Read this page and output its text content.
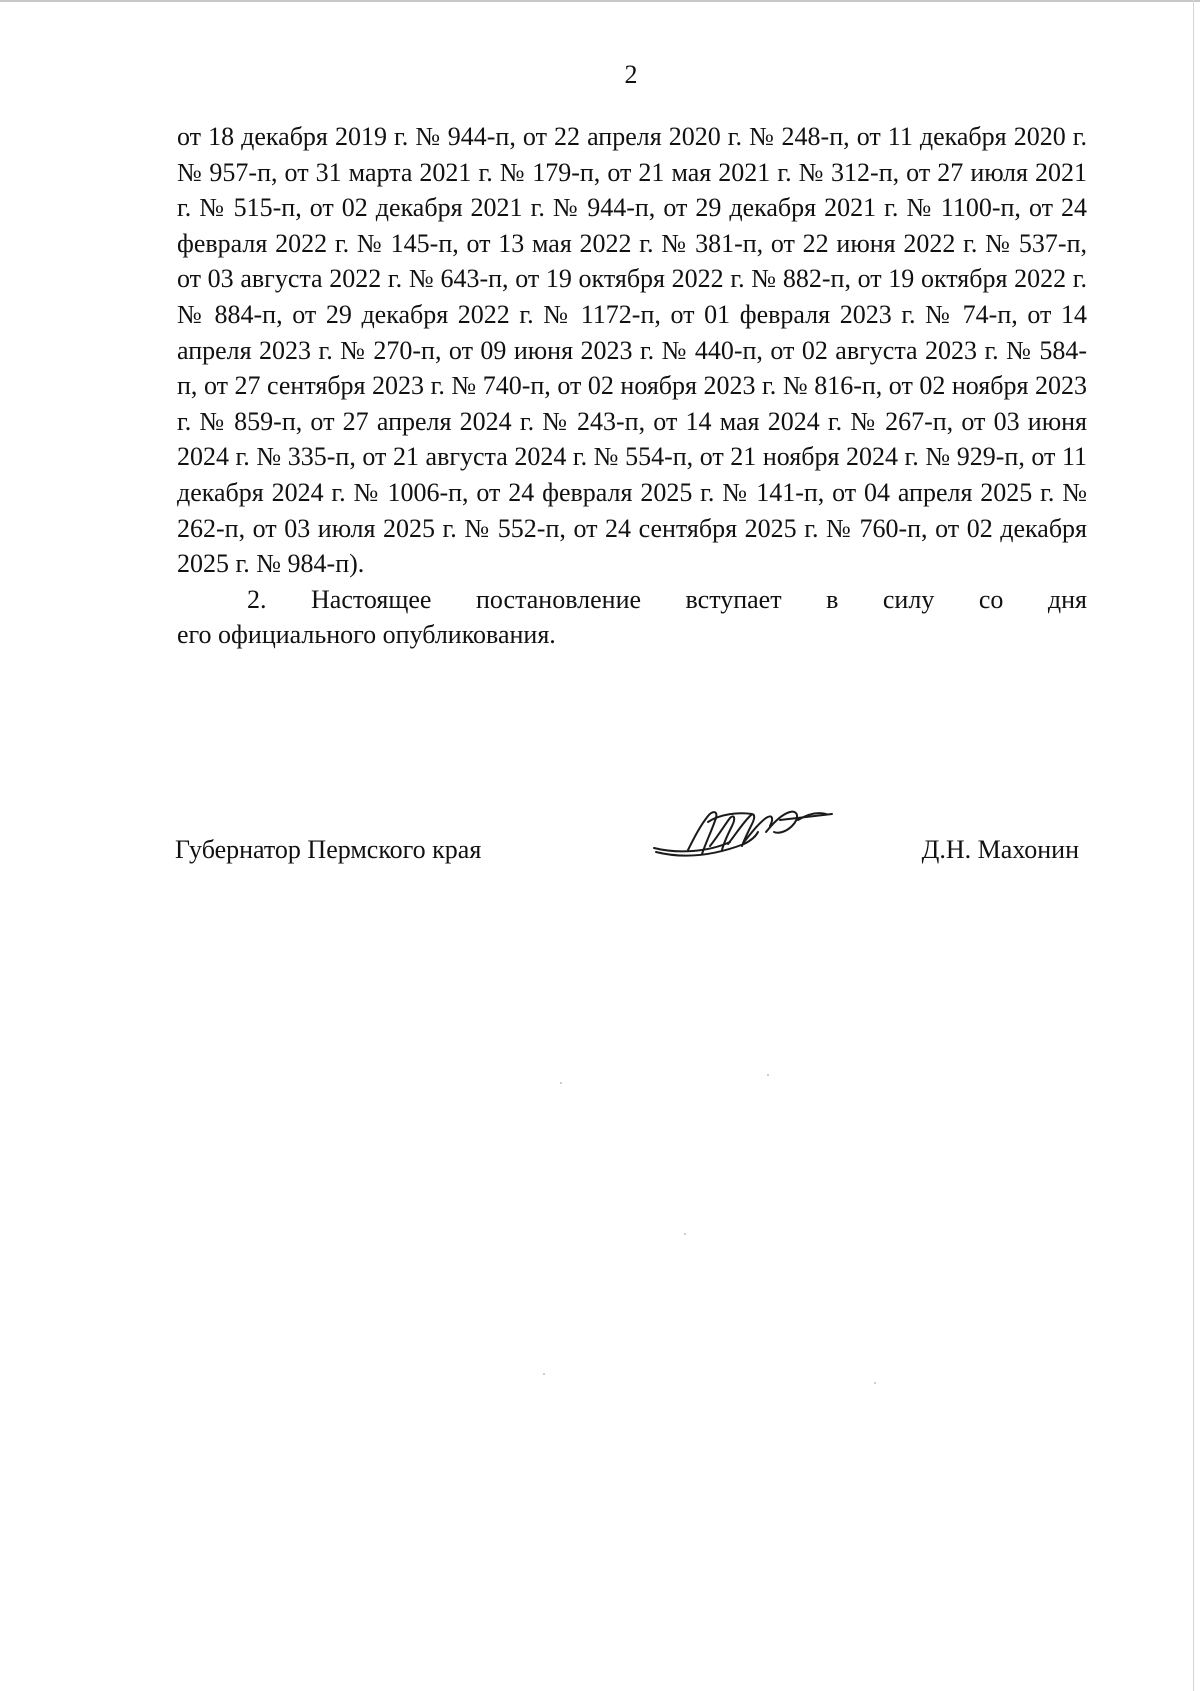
2

от 18 декабря 2019 г. № 944-п, от 22 апреля 2020 г. № 248-п, от 11 декабря 2020 г. № 957-п, от 31 марта 2021 г. № 179-п, от 21 мая 2021 г. № 312-п, от 27 июля 2021 г. № 515-п, от 02 декабря 2021 г. № 944-п, от 29 декабря 2021 г. № 1100-п, от 24 февраля 2022 г. № 145-п, от 13 мая 2022 г. № 381-п, от 22 июня 2022 г. № 537-п, от 03 августа 2022 г. № 643-п, от 19 октября 2022 г. № 882-п, от 19 октября 2022 г. № 884-п, от 29 декабря 2022 г. № 1172-п, от 01 февраля 2023 г. № 74-п, от 14 апреля 2023 г. № 270-п, от 09 июня 2023 г. № 440-п, от 02 августа 2023 г. № 584-п, от 27 сентября 2023 г. № 740-п, от 02 ноября 2023 г. № 816-п, от 02 ноября 2023 г. № 859-п, от 27 апреля 2024 г. № 243-п, от 14 мая 2024 г. № 267-п, от 03 июня 2024 г. № 335-п, от 21 августа 2024 г. № 554-п, от 21 ноября 2024 г. № 929-п, от 11 декабря 2024 г. № 1006-п, от 24 февраля 2025 г. № 141-п, от 04 апреля 2025 г. № 262-п, от 03 июля 2025 г. № 552-п, от 24 сентября 2025 г. № 760-п, от 02 декабря 2025 г. № 984-п).

2. Настоящее постановление вступает в силу со дня
его официального опубликования.

Губернатор Пермского края	Д.Н. Махонин
